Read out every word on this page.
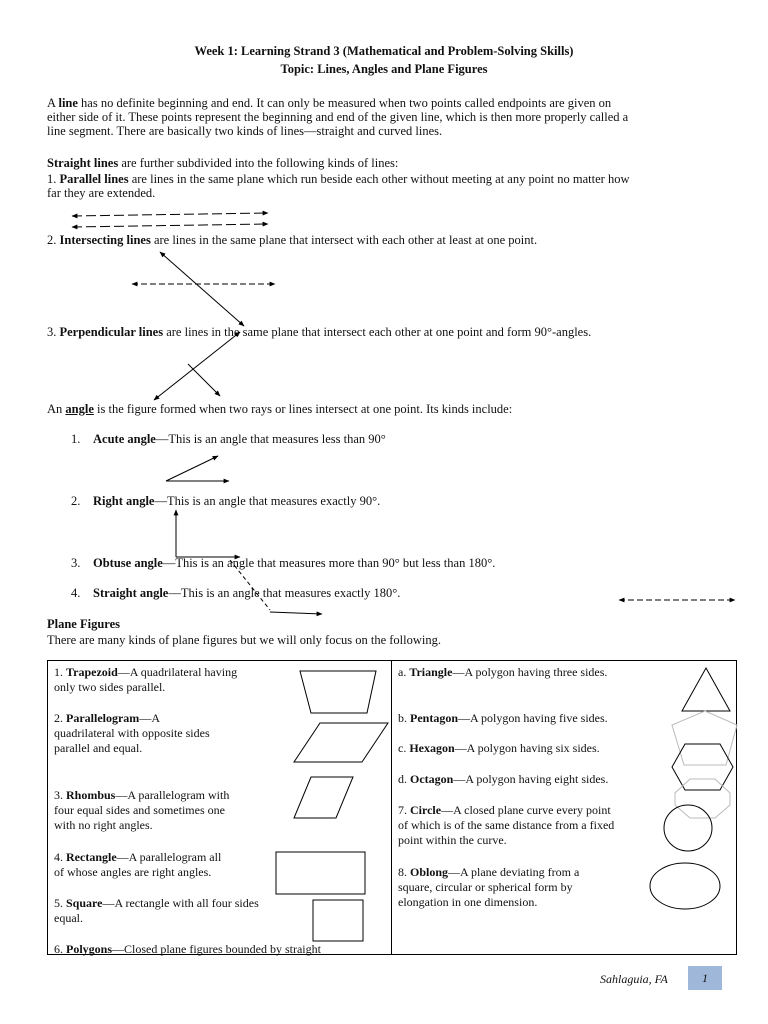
Week 1: Learning Strand 3 (Mathematical and Problem-Solving Skills)
Topic: Lines, Angles and Plane Figures
A line has no definite beginning and end. It can only be measured when two points called endpoints are given on
either side of it. These points represent the beginning and end of the given line, which is then more properly called a
line segment. There are basically two kinds of lines—straight and curved lines.
Straight lines are further subdivided into the following kinds of lines:
1. Parallel lines are lines in the same plane which run beside each other without meeting at any point no matter how
far they are extended.
2. Intersecting lines are lines in the same plane that intersect with each other at least at one point.
3. Perpendicular lines are lines in the same plane that intersect each other at one point and form 90°-angles.
An angle is the figure formed when two rays or lines intersect at one point. Its kinds include:
1. Acute angle—This is an angle that measures less than 90°
2. Right angle—This is an angle that measures exactly 90°.
3. Obtuse angle—This is an angle that measures more than 90° but less than 180°.
4. Straight angle—This is an angle that measures exactly 180°.
Plane Figures
There are many kinds of plane figures but we will only focus on the following.
1. Trapezoid—A quadrilateral having
only two sides parallel.
2. Parallelogram—A
quadrilateral with opposite sides
parallel and equal.
3. Rhombus—A parallelogram with
four equal sides and sometimes one
with no right angles.
4. Rectangle—A parallelogram all
of whose angles are right angles.
5. Square—A rectangle with all four sides
equal.
6. Polygons—Closed plane figures bounded by straight
a. Triangle—A polygon having three sides.
b. Pentagon—A polygon having five sides.
c. Hexagon—A polygon having six sides.
d. Octagon—A polygon having eight sides.
7. Circle—A closed plane curve every point
of which is of the same distance from a fixed
point within the curve.
8. Oblong—A plane deviating from a
square, circular or spherical form by
elongation in one dimension.
Sahlaguia, FA	1
